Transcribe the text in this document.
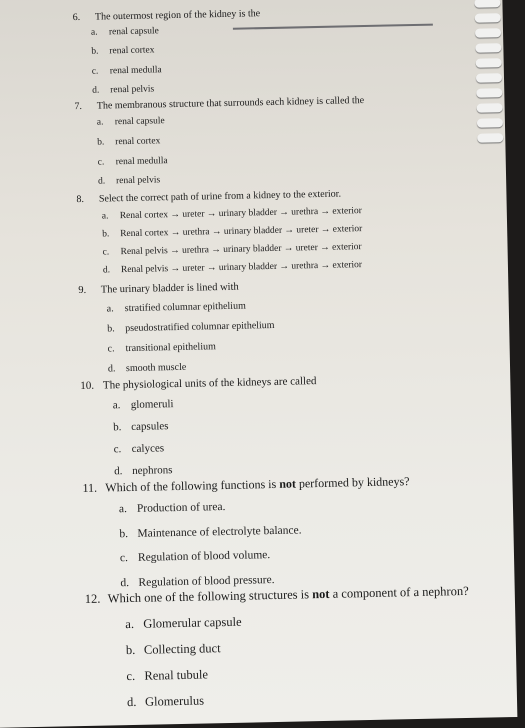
6. The outermost region of the kidney is the
a. renal capsule
b. renal cortex
c. renal medulla
d. renal pelvis
7. The membranous structure that surrounds each kidney is called the
a. renal capsule
b. renal cortex
c. renal medulla
d. renal pelvis
8. Select the correct path of urine from a kidney to the exterior.
a. Renal cortex → ureter → urinary bladder → urethra → exterior
b. Renal cortex → urethra → urinary bladder → ureter → exterior
c. Renal pelvis → urethra → urinary bladder → ureter → exterior
d. Renal pelvis → ureter → urinary bladder → urethra → exterior
9. The urinary bladder is lined with
a. stratified columnar epithelium
b. pseudostratified columnar epithelium
c. transitional epithelium
d. smooth muscle
10. The physiological units of the kidneys are called
a. glomeruli
b. capsules
c. calyces
d. nephrons
11. Which of the following functions is not performed by kidneys?
a. Production of urea.
b. Maintenance of electrolyte balance.
c. Regulation of blood volume.
d. Regulation of blood pressure.
12. Which one of the following structures is not a component of a nephron?
a. Glomerular capsule
b. Collecting duct
c. Renal tubule
d. Glomerulus
